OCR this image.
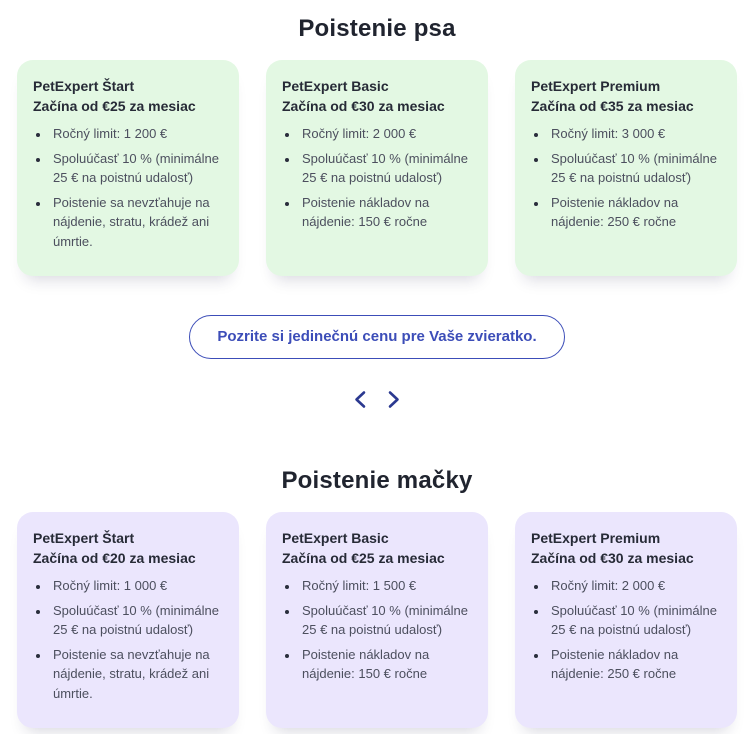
Poistenie psa
PetExpert Štart
Začína od €25 za mesiac
• Ročný limit: 1 200 €
• Spoluúčasť 10 % (minimálne 25 € na poistnú udalosť)
• Poistenie sa nevzťahuje na nájdenie, stratu, krádež ani úmrtie.
PetExpert Basic
Začína od €30 za mesiac
• Ročný limit: 2 000 €
• Spoluúčasť 10 % (minimálne 25 € na poistnú udalosť)
• Poistenie nákladov na nájdenie: 150 € ročne
PetExpert Premium
Začína od €35 za mesiac
• Ročný limit: 3 000 €
• Spoluúčasť 10 % (minimálne 25 € na poistnú udalosť)
• Poistenie nákladov na nájdenie: 250 € ročne
Pozrite si jedinečnú cenu pre Vaše zvieratko.
Poistenie mačky
PetExpert Štart
Začína od €20 za mesiac
• Ročný limit: 1 000 €
• Spoluúčasť 10 % (minimálne 25 € na poistnú udalosť)
• Poistenie sa nevzťahuje na nájdenie, stratu, krádež ani úmrtie.
PetExpert Basic
Začína od €25 za mesiac
• Ročný limit: 1 500 €
• Spoluúčasť 10 % (minimálne 25 € na poistnú udalosť)
• Poistenie nákladov na nájdenie: 150 € ročne
PetExpert Premium
Začína od €30 za mesiac
• Ročný limit: 2 000 €
• Spoluúčasť 10 % (minimálne 25 € na poistnú udalosť)
• Poistenie nákladov na nájdenie: 250 € ročne
